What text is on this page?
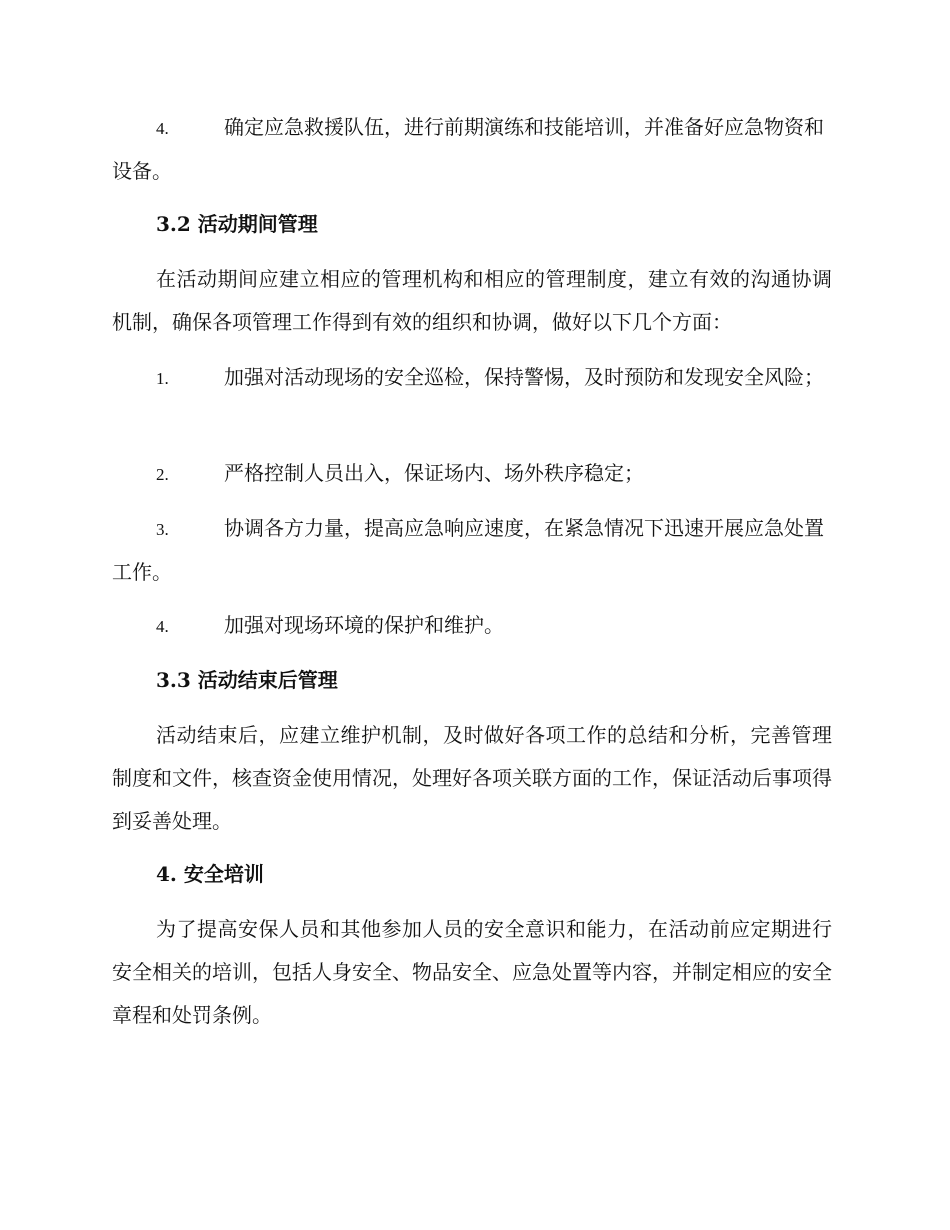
4.	确定应急救援队伍，进行前期演练和技能培训，并准备好应急物资和设备。

3.2 活动期间管理

在活动期间应建立相应的管理机构和相应的管理制度，建立有效的沟通协调机制，确保各项管理工作得到有效的组织和协调，做好以下几个方面：

1.	加强对活动现场的安全巡检，保持警惕，及时预防和发现安全风险；

2.	严格控制人员出入，保证场内、场外秩序稳定；

3.	协调各方力量，提高应急响应速度，在紧急情况下迅速开展应急处置工作。

4.	加强对现场环境的保护和维护。

3.3 活动结束后管理

活动结束后，应建立维护机制，及时做好各项工作的总结和分析，完善管理制度和文件，核查资金使用情况，处理好各项关联方面的工作，保证活动后事项得到妥善处理。

4. 安全培训

为了提高安保人员和其他参加人员的安全意识和能力，在活动前应定期进行安全相关的培训，包括人身安全、物品安全、应急处置等内容，并制定相应的安全章程和处罚条例。
